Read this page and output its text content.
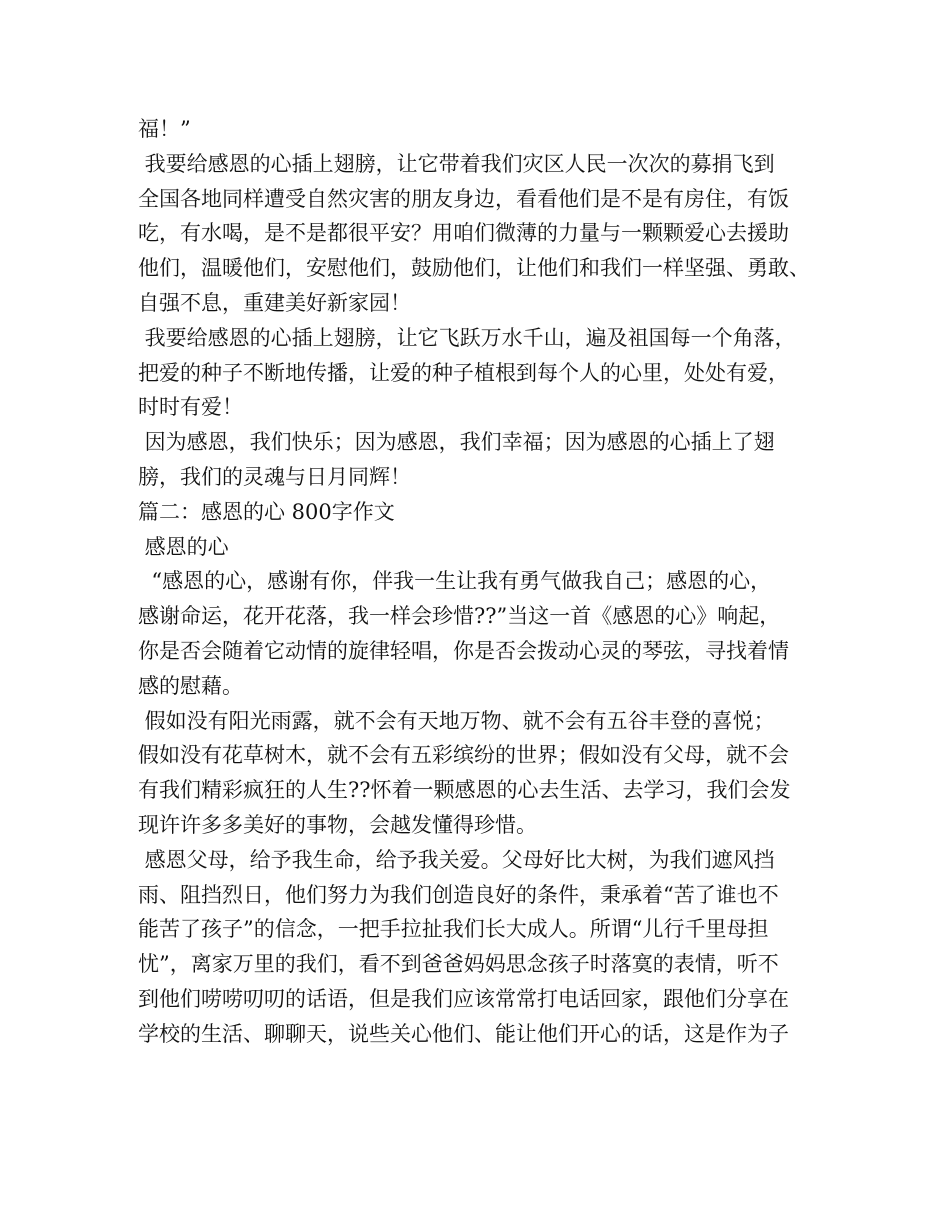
福！”
我要给感恩的心插上翅膀，让它带着我们灾区人民一次次的募捐飞到
全国各地同样遭受自然灾害的朋友身边，看看他们是不是有房住，有饭
吃，有水喝，是不是都很平安？用咱们微薄的力量与一颗颗爱心去援助
他们，温暖他们，安慰他们，鼓励他们，让他们和我们一样坚强、勇敢、
自强不息，重建美好新家园！
我要给感恩的心插上翅膀，让它飞跃万水千山，遍及祖国每一个角落，
把爱的种子不断地传播，让爱的种子植根到每个人的心里，处处有爱，
时时有爱！
因为感恩，我们快乐；因为感恩，我们幸福；因为感恩的心插上了翅
膀，我们的灵魂与日月同辉！
篇二：感恩的心 800字作文
感恩的心
“感恩的心，感谢有你，伴我一生让我有勇气做我自己；感恩的心，
感谢命运，花开花落，我一样会珍惜??”当这一首《感恩的心》响起，
你是否会随着它动情的旋律轻唱，你是否会拨动心灵的琴弦，寻找着情
感的慰藉。
假如没有阳光雨露，就不会有天地万物、就不会有五谷丰登的喜悦；
假如没有花草树木，就不会有五彩缤纷的世界；假如没有父母，就不会
有我们精彩疯狂的人生??怀着一颗感恩的心去生活、去学习，我们会发
现许许多多美好的事物，会越发懂得珍惜。
感恩父母，给予我生命，给予我关爱。父母好比大树，为我们遮风挡
雨、阻挡烈日，他们努力为我们创造良好的条件，秉承着“苦了谁也不
能苦了孩子”的信念，一把手拉扯我们长大成人。所谓“儿行千里母担
忧”，离家万里的我们，看不到爸爸妈妈思念孩子时落寞的表情，听不
到他们唠唠叨叨的话语，但是我们应该常常打电话回家，跟他们分享在
学校的生活、聊聊天，说些关心他们、能让他们开心的话，这是作为子
